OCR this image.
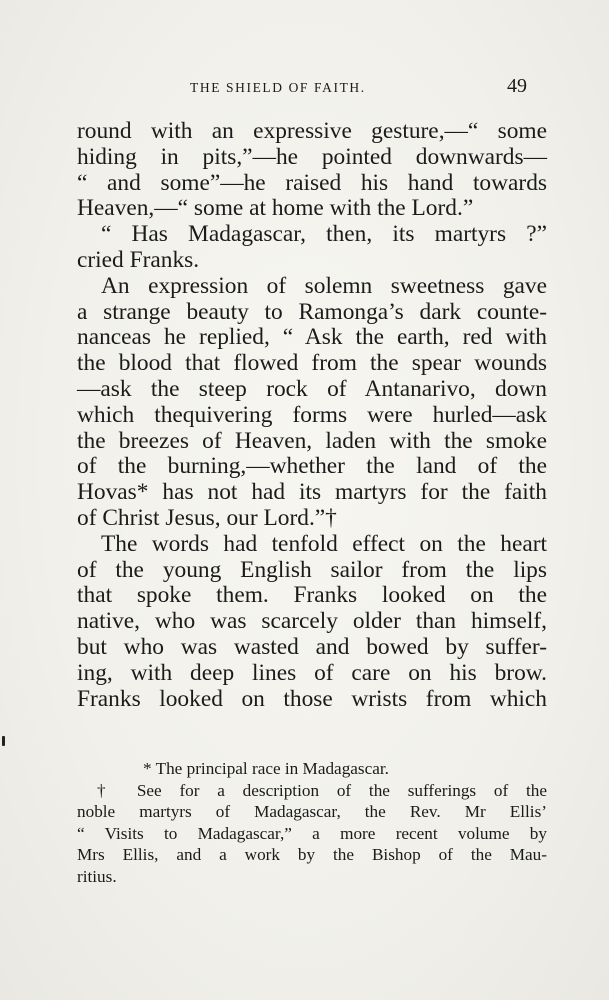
THE SHIELD OF FAITH.	49
round with an expressive gesture,—“ some
hiding in pits,”—he pointed downwards—
“ and some”—he raised his hand towards
Heaven,—“ some at home with the Lord.”
“ Has Madagascar, then, its martyrs ?”
cried Franks.
An expression of solemn sweetness gave
a strange beauty to Ramonga’s dark counte-
nanceas he replied, “ Ask the earth, red with
the blood that flowed from the spear wounds
—ask the steep rock of Antanarivo, down
which thequivering forms were hurled—ask
the breezes of Heaven, laden with the smoke
of the burning,—whether the land of the
Hovas* has not had its martyrs for the faith
of Christ Jesus, our Lord.”†
The words had tenfold effect on the heart
of the young English sailor from the lips
that spoke them. Franks looked on the
native, who was scarcely older than himself,
but who was wasted and bowed by suffer-
ing, with deep lines of care on his brow.
Franks looked on those wrists from which
* The principal race in Madagascar.
† See for a description of the sufferings of the
noble martyrs of Madagascar, the Rev. Mr Ellis’
“ Visits to Madagascar,” a more recent volume by
Mrs Ellis, and a work by the Bishop of the Mau-
ritius.
